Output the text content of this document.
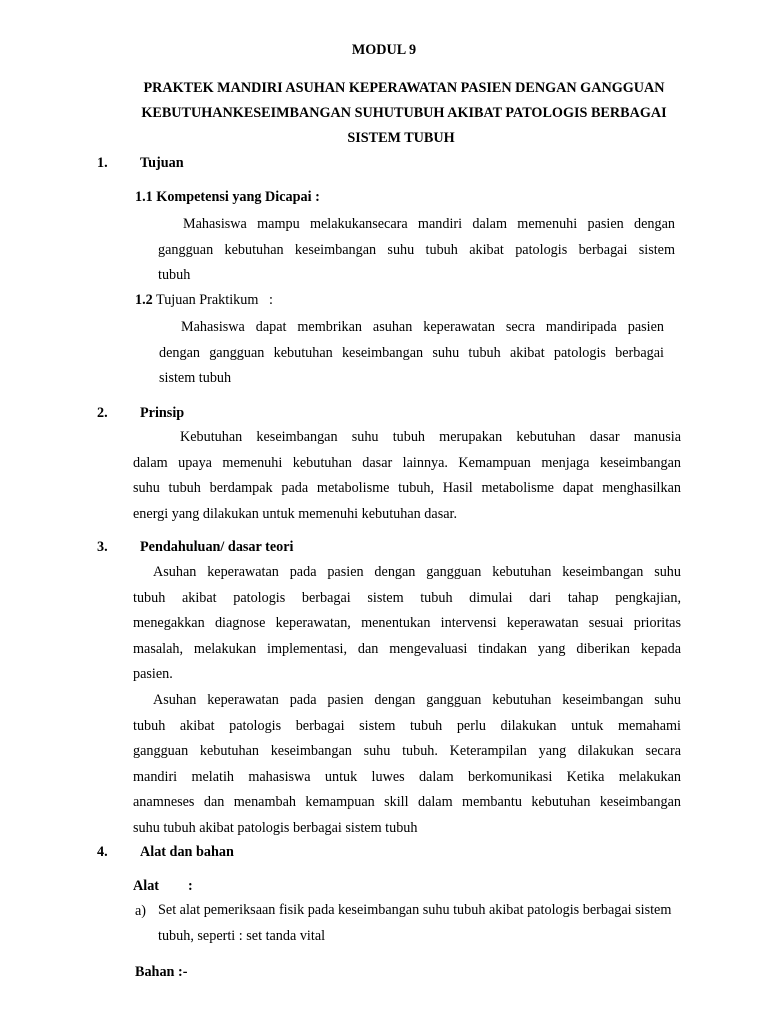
MODUL 9
PRAKTEK MANDIRI ASUHAN KEPERAWATAN PASIEN DENGAN GANGGUAN
KEBUTUHANKESEIMBANGAN SUHUTUBUH AKIBAT PATOLOGIS BERBAGAI
SISTEM TUBUH
1. Tujuan
1.1 Kompetensi yang Dicapai :
Mahasiswa mampu melakukansecara mandiri dalam memenuhi pasien dengan
gangguan kebutuhan keseimbangan suhu tubuh akibat patologis berbagai sistem
tubuh
1.2 Tujuan Praktikum   :
Mahasiswa dapat membrikan asuhan keperawatan secra mandiripada pasien
dengan gangguan kebutuhan keseimbangan suhu tubuh akibat patologis berbagai
sistem tubuh
2. Prinsip
Kebutuhan keseimbangan suhu tubuh merupakan kebutuhan dasar manusia
dalam upaya memenuhi kebutuhan dasar lainnya. Kemampuan menjaga keseimbangan
suhu tubuh berdampak pada metabolisme tubuh, Hasil metabolisme dapat menghasilkan
energi yang dilakukan untuk memenuhi kebutuhan dasar.
3. Pendahuluan/ dasar teori
Asuhan keperawatan pada pasien dengan gangguan kebutuhan keseimbangan suhu
tubuh akibat patologis berbagai sistem tubuh dimulai dari tahap pengkajian,
menegakkan diagnose keperawatan, menentukan intervensi keperawatan sesuai prioritas
masalah, melakukan implementasi, dan mengevaluasi tindakan yang diberikan kepada
pasien.
Asuhan keperawatan pada pasien dengan gangguan kebutuhan keseimbangan suhu
tubuh akibat patologis berbagai sistem tubuh perlu dilakukan untuk memahami
gangguan kebutuhan keseimbangan suhu tubuh. Keterampilan yang dilakukan secara
mandiri melatih mahasiswa untuk luwes dalam berkomunikasi Ketika melakukan
anamneses dan menambah kemampuan skill dalam membantu kebutuhan keseimbangan
suhu tubuh akibat patologis berbagai sistem tubuh
4. Alat dan bahan
Alat :
a) Set alat pemeriksaan fisik pada keseimbangan suhu tubuh akibat patologis berbagai sistem
tubuh, seperti : set tanda vital
Bahan :-
